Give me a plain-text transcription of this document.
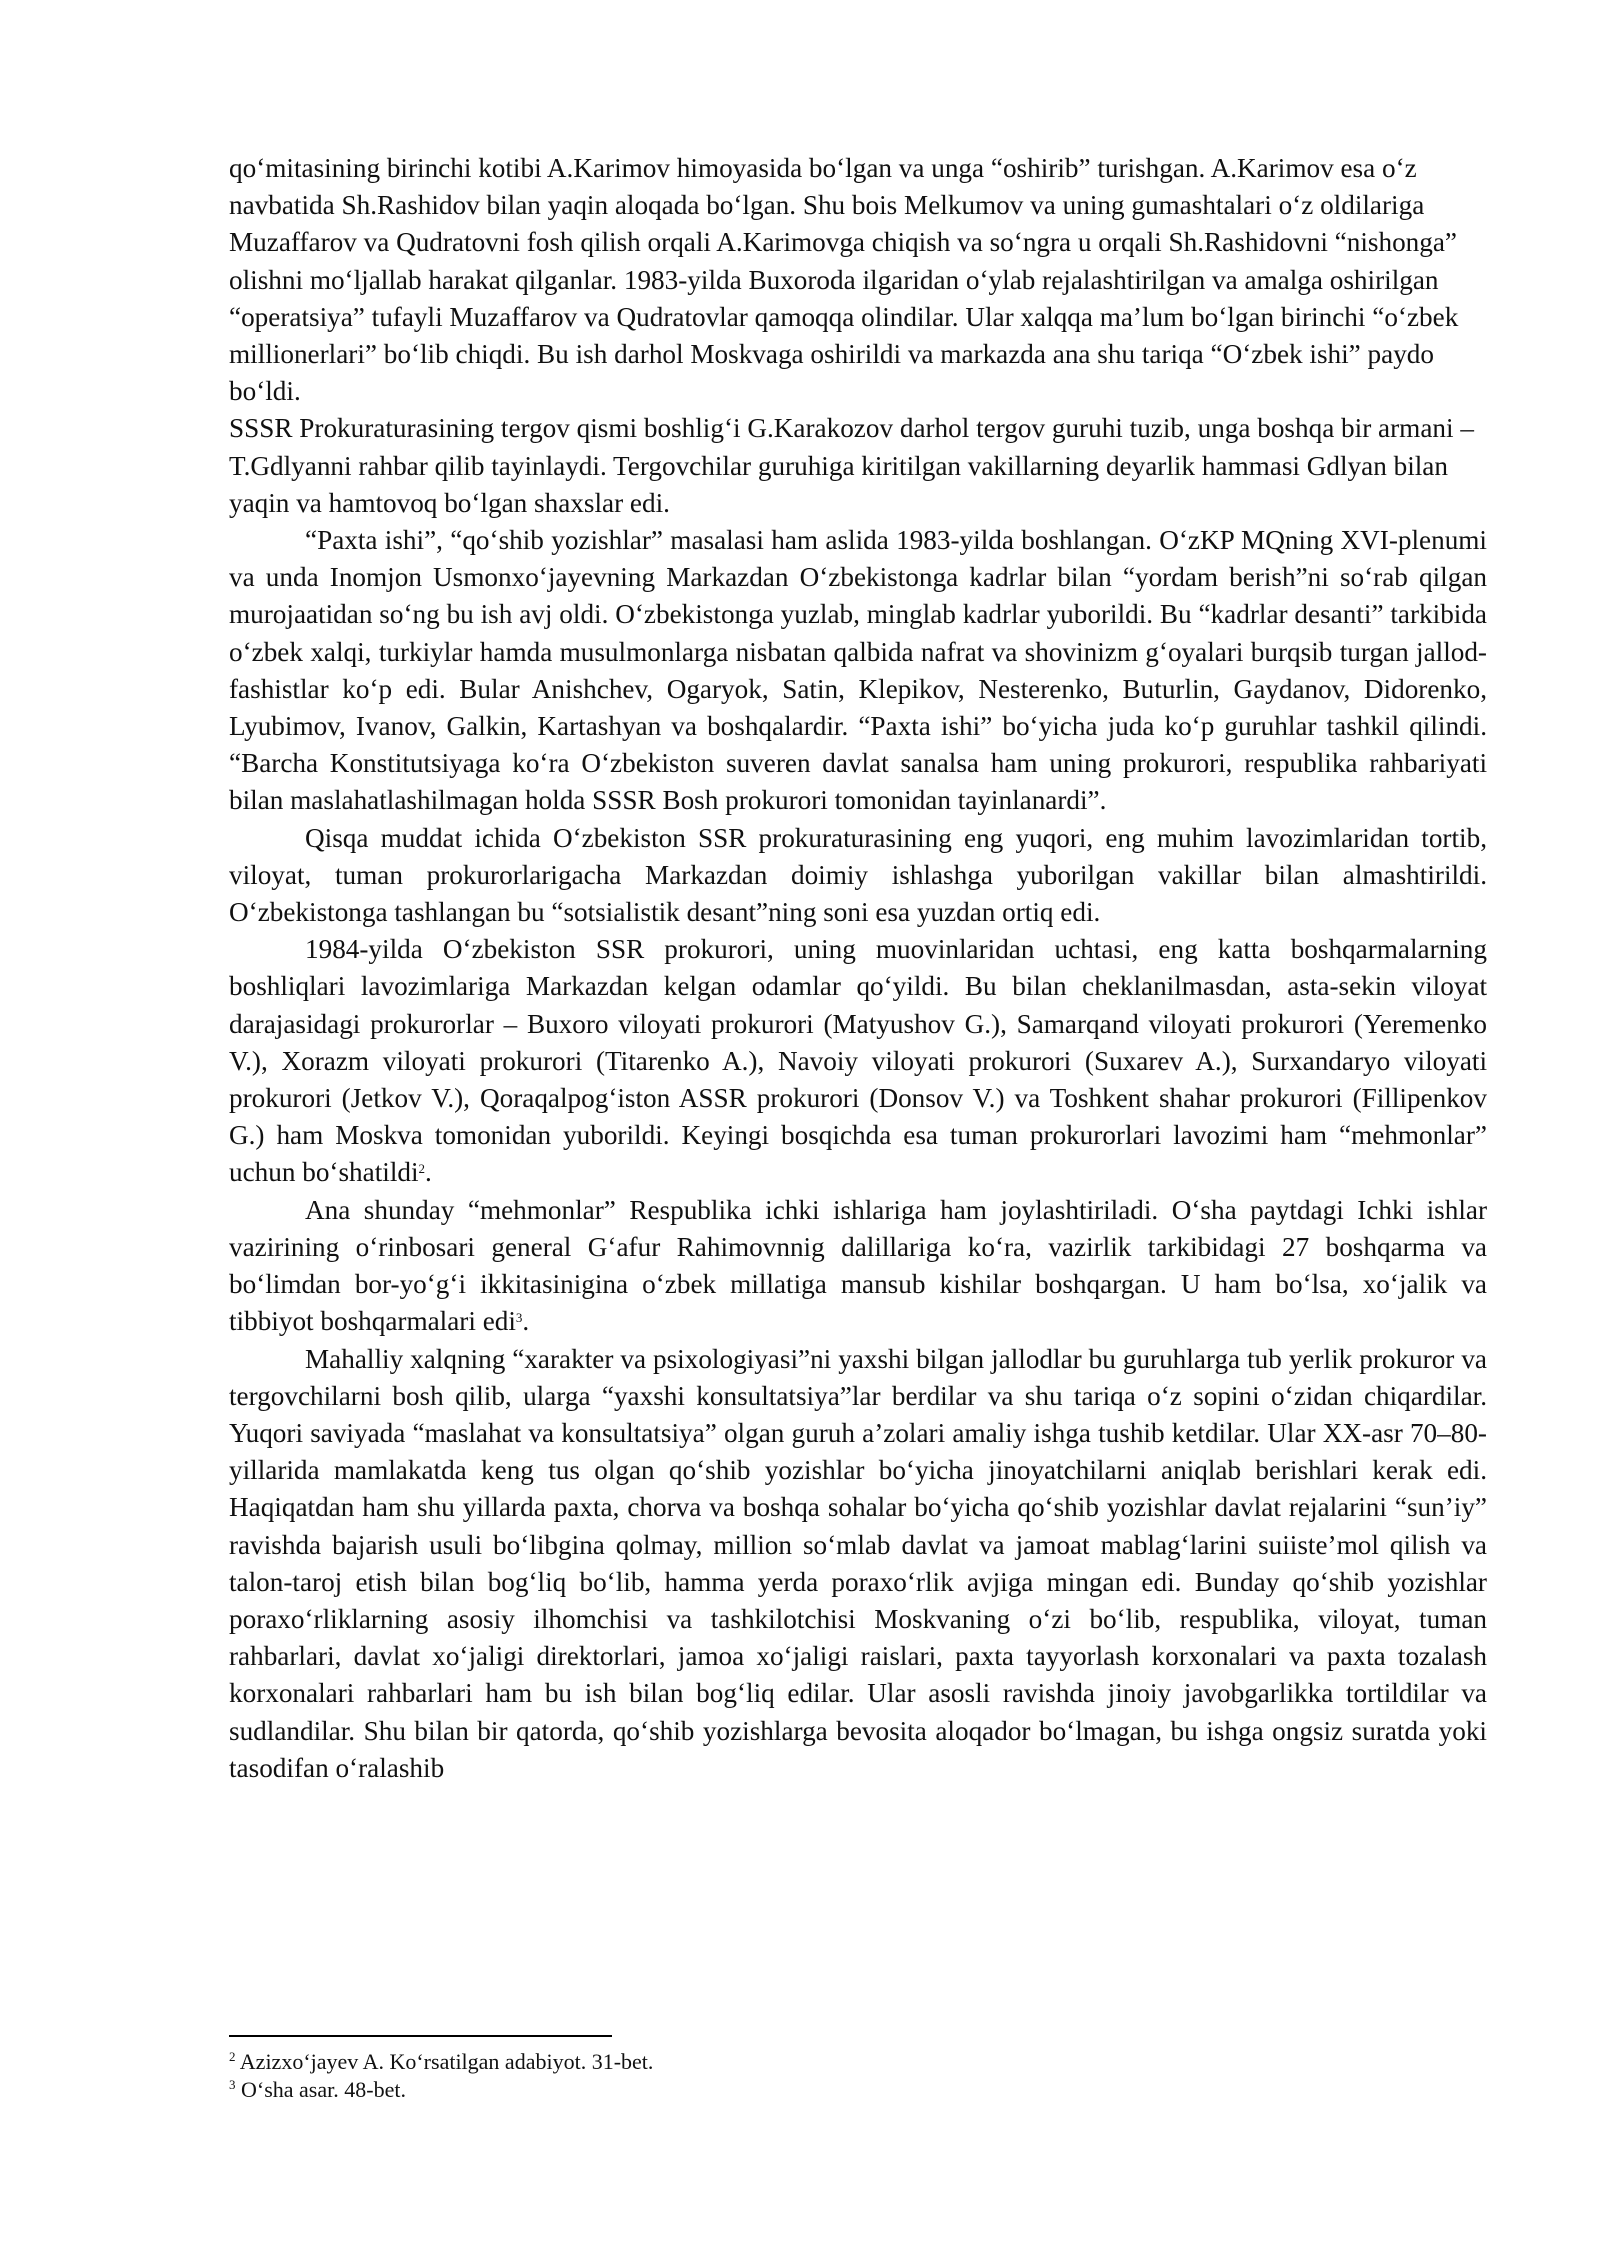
qo‘mitasining birinchi kotibi A.Karimov himoyasida bo‘lgan va unga “oshirib” turishgan. A.Karimov esa o‘z navbatida Sh.Rashidov bilan yaqin aloqada bo‘lgan. Shu bois Melkumov va uning gumashtalari o‘z oldilariga Muzaffarov va Qudratovni fosh qilish orqali A.Karimovga chiqish va so‘ngra u orqali Sh.Rashidovni “nishonga” olishni mo‘ljallab harakat qilganlar. 1983-yilda Buxoroda ilgaridan o‘ylab rejalashtirilgan va amalga oshirilgan “operatsiya” tufayli Muzaffarov va Qudratovlar qamoqqa olindilar. Ular xalqqa ma’lum bo‘lgan birinchi “o‘zbek millionerlari” bo‘lib chiqdi. Bu ish darhol Moskvaga oshirildi va markazda ana shu tariqa “O‘zbek ishi” paydo bo‘ldi.

SSSR Prokuraturasining tergov qismi boshlig‘i G.Karakozov darhol tergov guruhi tuzib, unga boshqa bir armani – T.Gdlyanni rahbar qilib tayinlaydi. Tergovchilar guruhiga kiritilgan vakillarning deyarlik hammasi Gdlyan bilan yaqin va hamtovoq bo‘lgan shaxslar edi.

“Paxta ishi”, “qo‘shib yozishlar” masalasi ham aslida 1983-yilda boshlangan. O‘zKP MQning XVI-plenumi va unda Inomjon Usmonxo‘jayevning Markazdan O‘zbekistonga kadrlar bilan “yordam berish”ni so‘rab qilgan murojaatidan so‘ng bu ish avj oldi. O‘zbekistonga yuzlab, minglab kadrlar yuborildi. Bu “kadrlar desanti” tarkibida o‘zbek xalqi, turkiylar hamda musulmonlarga nisbatan qalbida nafrat va shovinizm g‘oyalari burqsib turgan jallod-fashistlar ko‘p edi. Bular Anishchev, Ogaryok, Satin, Klepikov, Nesterenko, Buturlin, Gaydanov, Didorenko, Lyubimov, Ivanov, Galkin, Kartashyan va boshqalardir. “Paxta ishi” bo‘yicha juda ko‘p guruhlar tashkil qilindi. “Barcha Konstitutsiyaga ko‘ra O‘zbekiston suveren davlat sanalsa ham uning prokurori, respublika rahbariyati bilan maslahatlashilmagan holda SSSR Bosh prokurori tomonidan tayinlanardi”.

Qisqa muddat ichida O‘zbekiston SSR prokuraturasining eng yuqori, eng muhim lavozimlaridan tortib, viloyat, tuman prokurorlarigacha Markazdan doimiy ishlashga yuborilgan vakillar bilan almashtirildi. O‘zbekistonga tashlangan bu “sotsialistik desant”ning soni esa yuzdan ortiq edi.

1984-yilda O‘zbekiston SSR prokurori, uning muovinlaridan uchtasi, eng katta boshqarmalarning boshliqlari lavozimlariga Markazdan kelgan odamlar qo‘yildi. Bu bilan cheklanilmasdan, asta-sekin viloyat darajasidagi prokurorlar – Buxoro viloyati prokurori (Matyushov G.), Samarqand viloyati prokurori (Yeremenko V.), Xorazm viloyati prokurori (Titarenko A.), Navoiy viloyati prokurori (Suxarev A.), Surxandaryo viloyati prokurori (Jetkov V.), Qoraqalpog‘iston ASSR prokurori (Donsov V.) va Toshkent shahar prokurori (Fillipenkov G.) ham Moskva tomonidan yuborildi. Keyingi bosqichda esa tuman prokurorlari lavozimi ham “mehmonlar” uchun bo‘shatildi$^2$.

Ana shunday “mehmonlar” Respublika ichki ishlariga ham joylashtiriladi. O‘sha paytdagi Ichki ishlar vazirining o‘rinbosari general G‘afur Rahimovnnig dalillariga ko‘ra, vazirlik tarkibidagi 27 boshqarma va bo‘limdan bor-yo‘g‘i ikkitasinigina o‘zbek millatiga mansub kishilar boshqargan. U ham bo‘lsa, xo‘jalik va tibbiyot boshqarmalari edi$^3$.

Mahalliy xalqning “xarakter va psixologiyasi”ni yaxshi bilgan jallodlar bu guruhlarga tub yerlik prokuror va tergovchilarni bosh qilib, ularga “yaxshi konsultatsiya”lar berdilar va shu tariqa o‘z sopini o‘zidan chiqardilar. Yuqori saviyada “maslahat va konsultatsiya” olgan guruh a’zolari amaliy ishga tushib ketdilar. Ular XX-asr 70–80-yillarida mamlakatda keng tus olgan qo‘shib yozishlar bo‘yicha jinoyatchilarni aniqlab berishlari kerak edi. Haqiqatdan ham shu yillarda paxta, chorva va boshqa sohalar bo‘yicha qo‘shib yozishlar davlat rejalarini “sun’iy” ravishda bajarish usuli bo‘libgina qolmay, million so‘mlab davlat va jamoat mablag‘larini suiiste’mol qilish va talon-taroj etish bilan bog‘liq bo‘lib, hamma yerda poraxo‘rlik avjiga mingan edi. Bunday qo‘shib yozishlar poraxo‘rliklarning asosiy ilhomchisi va tashkilotchisi Moskvaning o‘zi bo‘lib, respublika, viloyat, tuman rahbarlari, davlat xo‘jaligi direktorlari, jamoa xo‘jaligi raislari, paxta tayyorlash korxonalari va paxta tozalash korxonalari rahbarlari ham bu ish bilan bog‘liq edilar. Ular asosli ravishda jinoiy javobgarlikka tortildilar va sudlandilar. Shu bilan bir qatorda, qo‘shib yozishlarga bevosita aloqador bo‘lmagan, bu ishga ongsiz suratda yoki tasodifan o‘ralashib

$^2$ Azizxo‘jayev A. Ko‘rsatilgan adabiyot. 31-bet.

$^3$ O‘sha asar. 48-bet.
